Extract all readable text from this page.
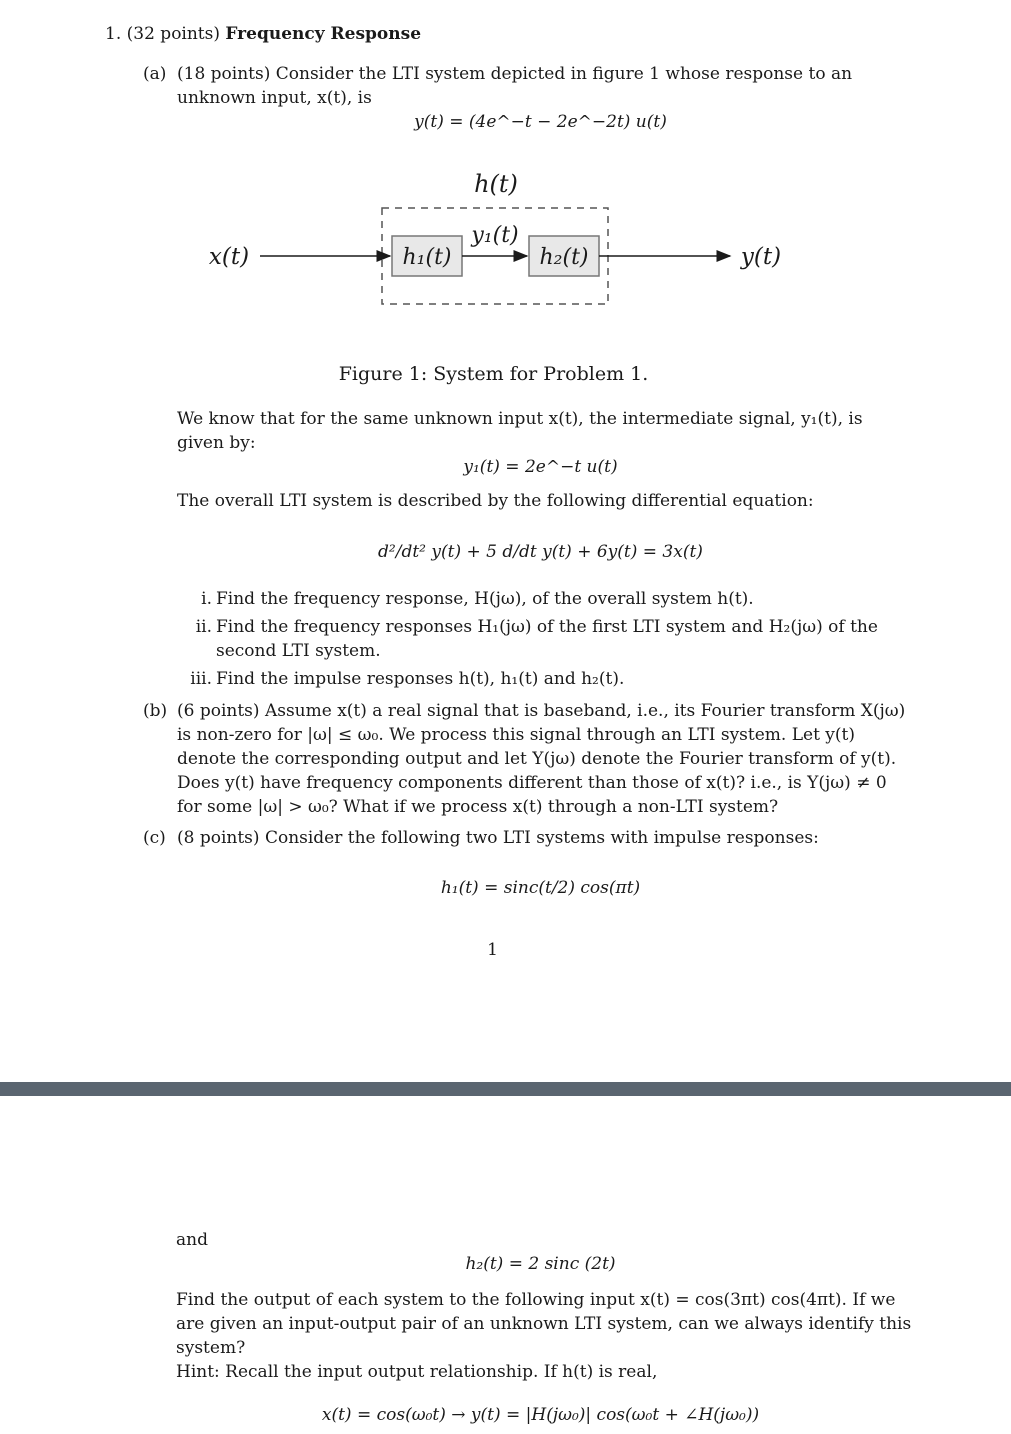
1. (32 points) Frequency Response
(a) (18 points) Consider the LTI system depicted in figure 1 whose response to an unknown input, x(t), is
y(t) = (4e^−t − 2e^−2t) u(t)
h(t)
x(t)	h₁(t)
y₁(t)
h₂(t)	y(t)
Figure 1: System for Problem 1.
We know that for the same unknown input x(t), the intermediate signal, y₁(t), is given by:
y₁(t) = 2e^−t u(t)
The overall LTI system is described by the following differential equation:
d²/dt² y(t) + 5 d/dt y(t) + 6y(t) = 3x(t)
i. Find the frequency response, H(jω), of the overall system h(t).
ii. Find the frequency responses H₁(jω) of the first LTI system and H₂(jω) of the second LTI system.
iii. Find the impulse responses h(t), h₁(t) and h₂(t).
(b) (6 points) Assume x(t) a real signal that is baseband, i.e., its Fourier transform X(jω) is non-zero for |ω| ≤ ω₀. We process this signal through an LTI system. Let y(t) denote the corresponding output and let Y(jω) denote the Fourier transform of y(t). Does y(t) have frequency components different than those of x(t)? i.e., is Y(jω) ≠ 0 for some |ω| > ω₀? What if we process x(t) through a non-LTI system?
(c) (8 points) Consider the following two LTI systems with impulse responses:
h₁(t) = sinc(t/2) cos(πt)
1
and
h₂(t) = 2 sinc (2t)
Find the output of each system to the following input x(t) = cos(3πt) cos(4πt). If we are given an input-output pair of an unknown LTI system, can we always identify this system?
Hint: Recall the input output relationship. If h(t) is real,
x(t) = cos(ω₀t) → y(t) = |H(jω₀)| cos(ω₀t + ∠H(jω₀))
